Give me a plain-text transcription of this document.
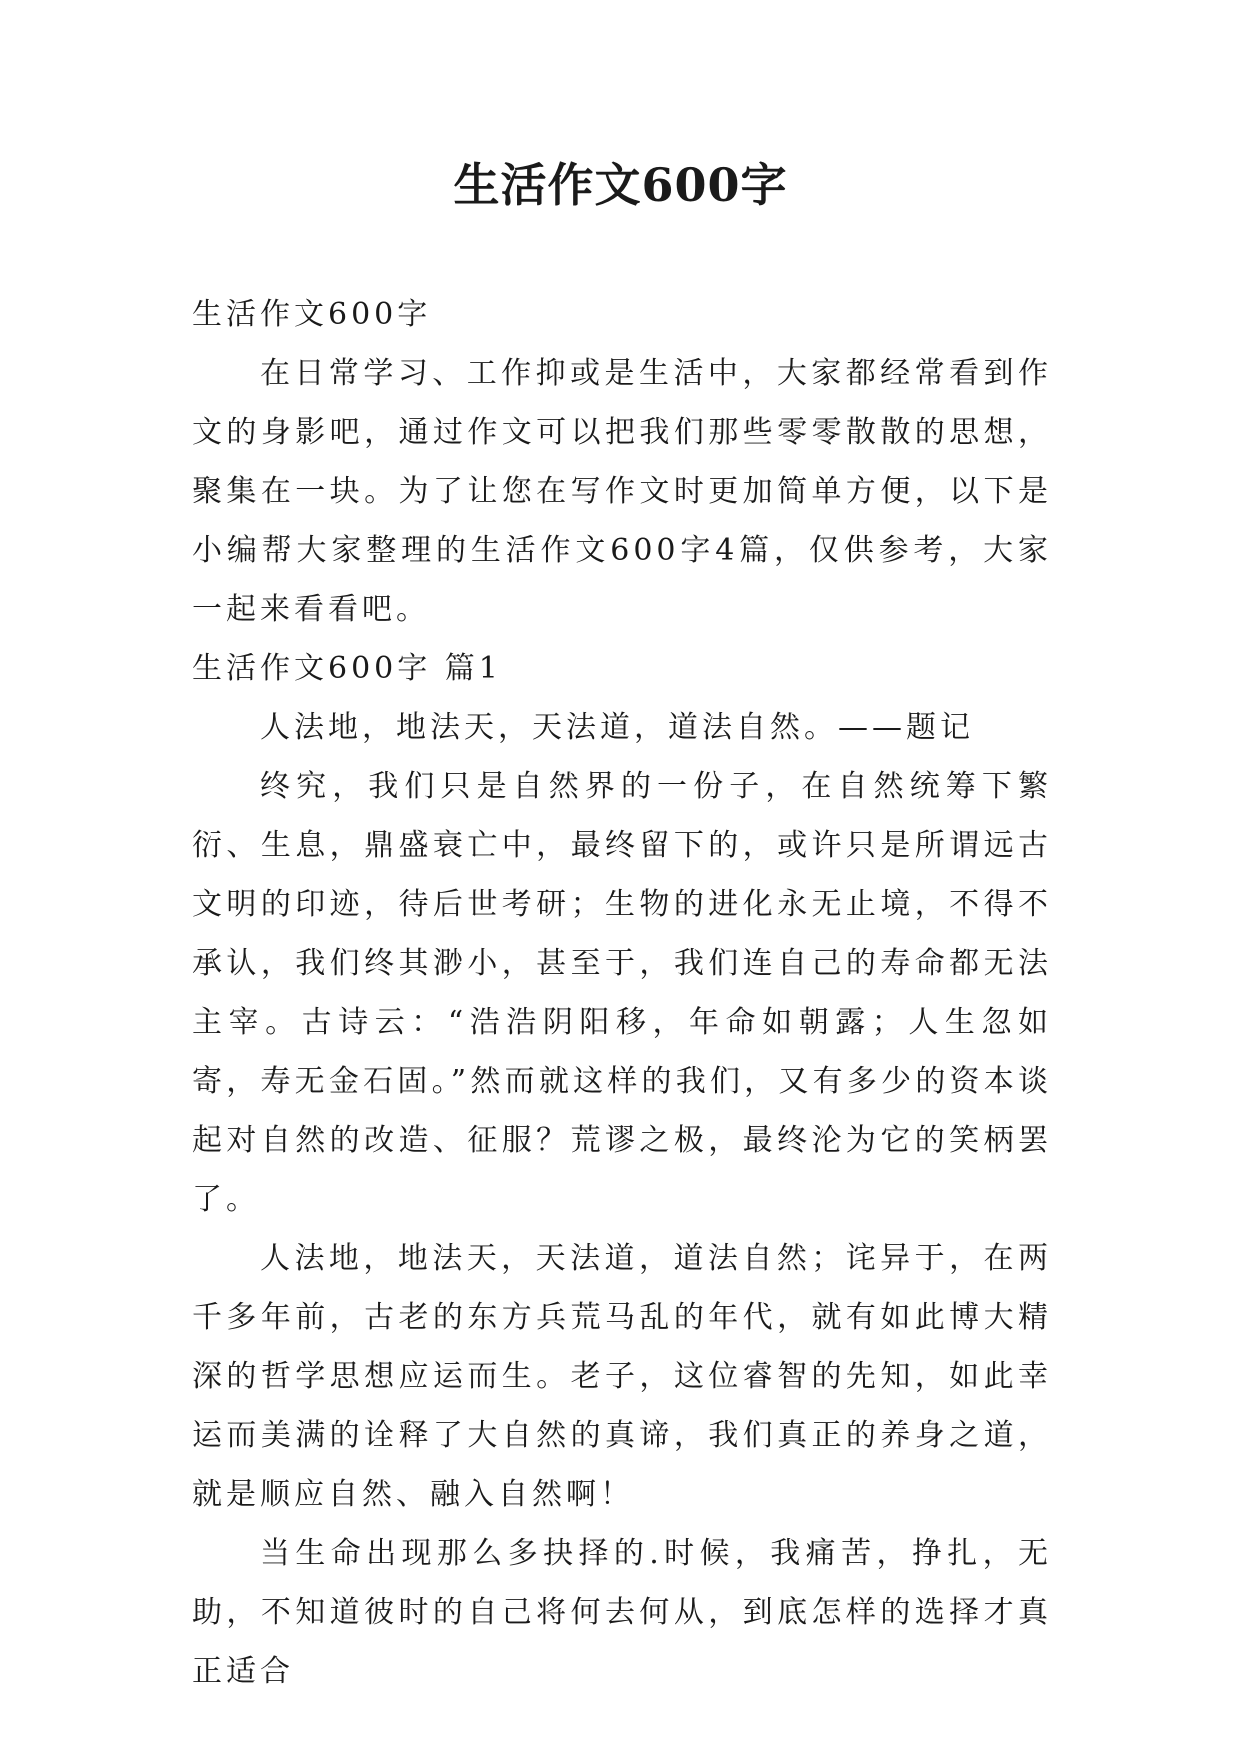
生活作文600字

生活作文600字

在日常学习、工作抑或是生活中，大家都经常看到作文的身影吧，通过作文可以把我们那些零零散散的思想，聚集在一块。为了让您在写作文时更加简单方便，以下是小编帮大家整理的生活作文600字4篇，仅供参考，大家一起来看看吧。

生活作文600字 篇1

人法地，地法天，天法道，道法自然。——题记

终究，我们只是自然界的一份子，在自然统筹下繁衍、生息，鼎盛衰亡中，最终留下的，或许只是所谓远古文明的印迹，待后世考研；生物的进化永无止境，不得不承认，我们终其渺小，甚至于，我们连自己的寿命都无法主宰。古诗云：“浩浩阴阳移，年命如朝露；人生忽如寄，寿无金石固。”然而就这样的我们，又有多少的资本谈起对自然的改造、征服？荒谬之极，最终沦为它的笑柄罢了。

人法地，地法天，天法道，道法自然；诧异于，在两千多年前，古老的东方兵荒马乱的年代，就有如此博大精深的哲学思想应运而生。老子，这位睿智的先知，如此幸运而美满的诠释了大自然的真谛，我们真正的养身之道，就是顺应自然、融入自然啊！

当生命出现那么多抉择的.时候，我痛苦，挣扎，无助，不知道彼时的自己将何去何从，到底怎样的选择才真正适合
